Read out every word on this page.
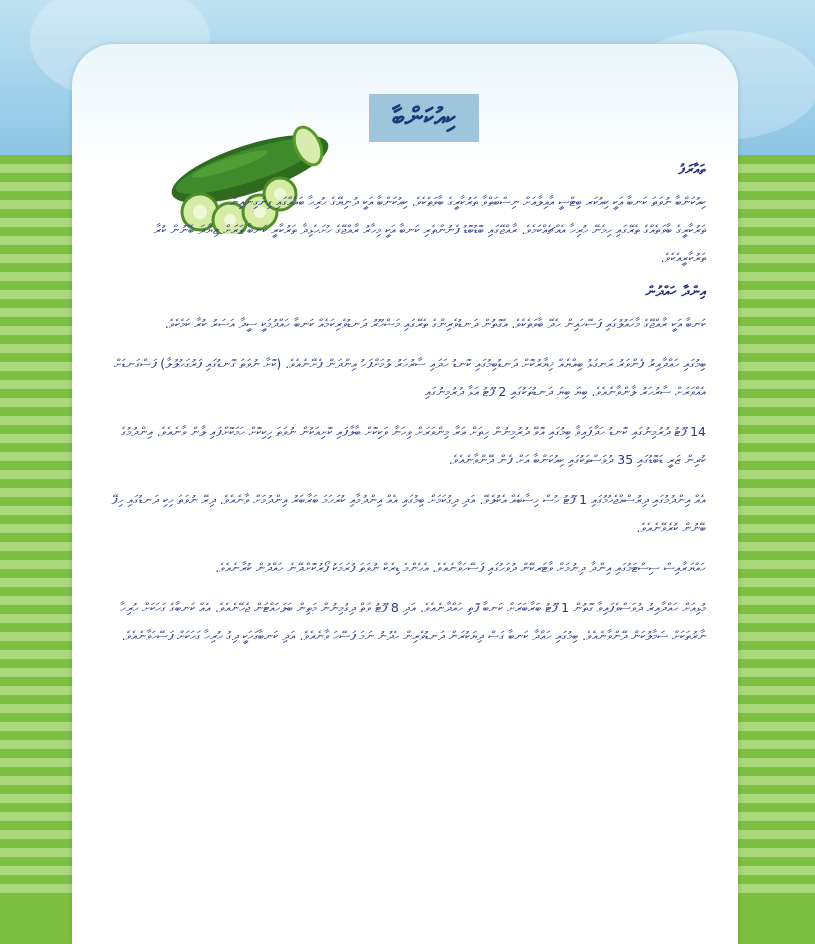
ކިއުކަންބާ
ތައާރަފު

ކިއުކަންބާ ނުވަތަ ކަނބާ އަކީ ކިއުކަރ ބިޓްސީ އާއިލާއަށް ނިސްބަތްވާ ތަރުކާރީގެ ބާވަތެކެވެ. ކިއުކަންބާ އަކީ ދުނިޔޭގެ ހުރިހާ ބައެއްގައި ގިނަގިނައިން

ތަރުކާރީގެ ބާވަތެއްގެ ތެރޭގައި ހިމެނޭ ހުރިހާ އެއްޗެއްކަމެވެ. ރާއްޖޭގައި ބޮޑުބޮޑު ފެނުންތެރި ކަނބާ އަކީ މިހާރު ރާއްޖޭގެ ހުށަހެޅިދާ ތަރުކާރީ ކަނބާ ވަރަށް ޒިޔާދަ ބޭނުން ކުރާ ތަރުކާރީއެކެވެ.

އިންދާ ހައްދުން

ކަނބާ އަކީ ރާއްޖޭގެ މާހައުލުގައި ފަސޭހައިން ހެދޭ ބާވަތެކެވެ. އެގޮތުން ދަނޑުވެރިންގެ ތެރޭގައި މަޝްހޫރު ދަނޑުވެރިކަމެއް ކަނބާ ހައްދުމަކީ ސީދާ އަސަރު ކުރާ ކަމެކެވެ.

ބިމުގައި ހައްދާއިރު ފެންވަރު ރަނގަޅު ބިއްޔެއް ޚިޔާރުކޮށް ދަނޑުބިމުގައި ކޮނޑު ހަދައި ސާރުހަރު ލުމަށްފަހު އިންދަން ފެށޭނެއެވެ. (ކޮށާ ނުވަތަ ގޮނޑުގައި ފަރުގަހުލުލާ) ފަސްގަނޑަށް އެއްވަރަށް ސާރުހަރު ލާންވާނެއެވެ. ބިޔަ ބިޔަ ދަނޑުތަކުގައި 2 ފޫޓު އަޅާ ދުރުމިނުގައި

14 ފޫޓު ދުރުމިނުގައި ކޮނޑު ހަދާފައިވާ ބިމުގައި އޮވޭ ދުރުމިނުން ހިތަށް އަރާ މިންވަރަށް ވިހަނާ ވަކިކޮށް ބާލާފައި ކޮށިއަކުން ނުވަތަ ހިކިކޮށް ހަމަކޮށްފައި ލާން ވާނެއެވެ. އިންދުމުގެ ކުރިން ޒަރީ ޑަބޮޑުގައި 35 ދުވަސްތަކުގައި ކިއުކަންބާ އަށް ފެން ދޭންވާނެއެވެ.

އެއް އިންދުމުގައި ދިރުސްއްޖެހުމުގައި 1 ފޫޓު ހުސް ހިސާބެއް އެކުލެވޭ. އަދި ދިގުކަމަށް ބިމުގައި އެއް އިންދުމާއި ކުރަހަމަ ބަރާބަރު އިންދުމަށް ވާނެއެވެ. ދިރޭ ނުވަތަ ހިކި ދަނޑުގައި ހިފޭ ބޭނުން ކުރެވޭނެއެވެ.

ހައްޔަރާއިސް ސިސްޓަމުގައި އިންދާ ދިނުމަށް ވާޓަރކޭން ދުވަހުގައި ފަސޭހަވާނެއެވެ. އެހެންމެ ޑިރެކް ނުވަތަ ފުރަމަކު ފޯރުކޮށްދޭނެ ހައްދުން ކުރާނެއެވެ.

މުޅިއަށް ހައްދާއިރު ދުވަސްވެފައިވާ ގޮތުން 1 ފޫޓު ބަރާބަރަށް ކަނބާ ފޮތި ހައްދާނެއެވެ. އަދި 8 ފޫޓު ވަތް ދިގުމިނުން މަތިން ބަލަހައްޓަން ޖެހޭނެއެވެ. އެއް ކަނބާގެ ގަހަކަށް ހުރިހާ ނާރުތަކަށް ސަމާލުކަން ދޭންވާނެއެވެ. ބިމުގައި ހައްދާ ކަނބާ ގަސް ދިޔަކުރަން ދަނޑުވެރިން ހެދުނު ނަމަ ފަސޭހަ ވާނެއެވެ. އަދި ކަނބާގަހަކީ ދިގު ހުރިހާ ގަހަކަށް ފަސޭހަވާނެއެވެ.
